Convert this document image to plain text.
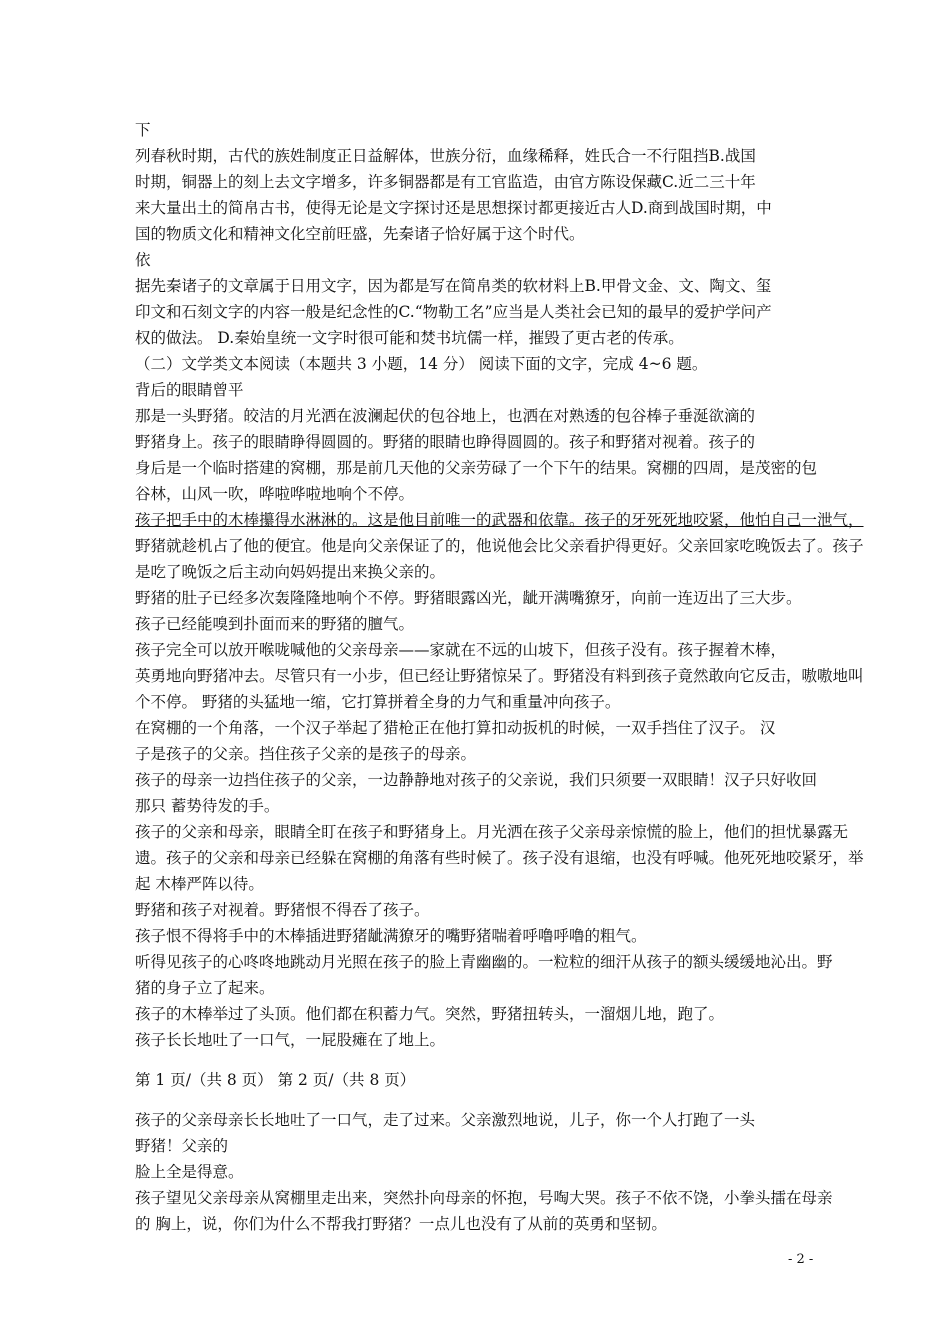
下
列春秋时期，古代的族姓制度正日益解体，世族分衍，血缘稀释，姓氏合一不行阻挡B.战国
时期，铜器上的刻上去文字增多，许多铜器都是有工官监造，由官方陈设保藏C.近二三十年
来大量出土的简帛古书，使得无论是文字探讨还是思想探讨都更接近古人D.商到战国时期，中
国的物质文化和精神文化空前旺盛，先秦诸子恰好属于这个时代。
依
据先秦诸子的文章属于日用文字，因为都是写在简帛类的软材料上B.甲骨文金、文、陶文、玺
印文和石刻文字的内容一般是纪念性的C.“物勒工名”应当是人类社会已知的最早的爱护学问产
权的做法。 D.秦始皇统一文字时很可能和焚书坑儒一样，摧毁了更古老的传承。
（二）文学类文本阅读（本题共 3 小题，14 分） 阅读下面的文字，完成 4~6 题。
背后的眼睛曾平
那是一头野猪。皎洁的月光洒在波澜起伏的包谷地上，也洒在对熟透的包谷棒子垂涎欲滴的
野猪身上。孩子的眼睛睁得圆圆的。野猪的眼睛也睁得圆圆的。孩子和野猪对视着。孩子的
身后是一个临时搭建的窝棚，那是前几天他的父亲劳碌了一个下午的结果。窝棚的四周，是茂密的包
谷林，山风一吹，哗啦哗啦地响个不停。
孩子把手中的木棒攥得水淋淋的。这是他目前唯一的武器和依靠。孩子的牙死死地咬紧，他怕自己一泄气，
野猪就趁机占了他的便宜。他是向父亲保证了的，他说他会比父亲看护得更好。父亲回家吃晚饭去了。孩子
是吃了晚饭之后主动向妈妈提出来换父亲的。
野猪的肚子已经多次轰隆隆地响个不停。野猪眼露凶光，龇开满嘴獠牙，向前一连迈出了三大步。
孩子已经能嗅到扑面而来的野猪的膻气。
孩子完全可以放开喉咙喊他的父亲母亲——家就在不远的山坡下，但孩子没有。孩子握着木棒，
英勇地向野猪冲去。尽管只有一小步，但已经让野猪惊呆了。野猪没有料到孩子竟然敢向它反击，嗷嗷地叫
个不停。 野猪的头猛地一缩，它打算拼着全身的力气和重量冲向孩子。
在窝棚的一个角落，一个汉子举起了猎枪正在他打算扣动扳机的时候，一双手挡住了汉子。 汉
子是孩子的父亲。挡住孩子父亲的是孩子的母亲。
孩子的母亲一边挡住孩子的父亲，一边静静地对孩子的父亲说，我们只须要一双眼睛！汉子只好收回
那只 蓄势待发的手。
孩子的父亲和母亲，眼睛全盯在孩子和野猪身上。月光洒在孩子父亲母亲惊慌的脸上，他们的担忧暴露无
遗。孩子的父亲和母亲已经躲在窝棚的角落有些时候了。孩子没有退缩，也没有呼喊。他死死地咬紧牙，举
起 木棒严阵以待。
野猪和孩子对视着。野猪恨不得吞了孩子。
孩子恨不得将手中的木棒插进野猪龇满獠牙的嘴野猪喘着呼噜呼噜的粗气。
听得见孩子的心咚咚地跳动月光照在孩子的脸上青幽幽的。一粒粒的细汗从孩子的额头缓缓地沁出。野
猪的身子立了起来。
孩子的木棒举过了头顶。他们都在积蓄力气。突然，野猪扭转头，一溜烟儿地，跑了。
孩子长长地吐了一口气，一屁股瘫在了地上。
第 1 页/（共 8 页） 第 2 页/（共 8 页）
孩子的父亲母亲长长地吐了一口气，走了过来。父亲激烈地说，儿子，你一个人打跑了一头
野猪！父亲的
脸上全是得意。
孩子望见父亲母亲从窝棚里走出来，突然扑向母亲的怀抱，号啕大哭。孩子不依不饶，小拳头擂在母亲
的 胸上，说，你们为什么不帮我打野猪？一点儿也没有了从前的英勇和坚韧。
- 2 -
